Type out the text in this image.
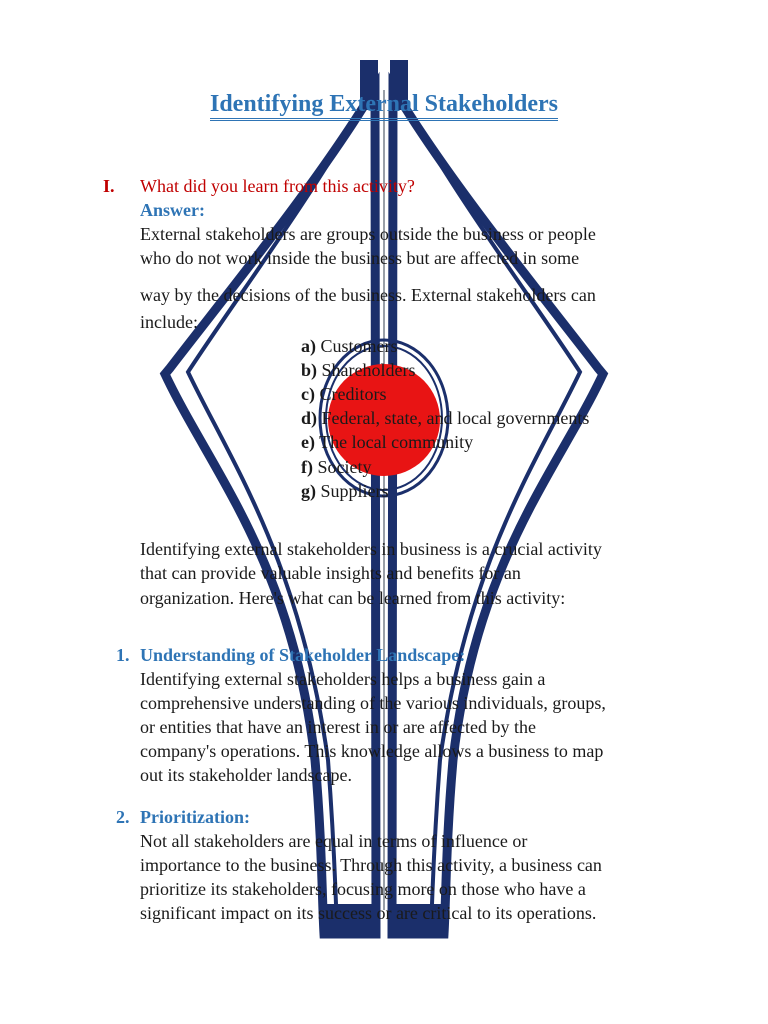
Identifying External Stakeholders
I. What did you learn from this activity?
Answer:
External stakeholders are groups outside the business or people
who do not work inside the business but are affected in some
way by the decisions of the business. External stakeholders can
include:
a) Customers
b) Shareholders
c) Creditors
d) Federal, state, and local governments
e) The local community
f) Society
g) Suppliers
Identifying external stakeholders in business is a crucial activity
that can provide valuable insights and benefits for an
organization. Here's what can be learned from this activity:
1. Understanding of Stakeholder Landscape:
Identifying external stakeholders helps a business gain a
comprehensive understanding of the various individuals, groups,
or entities that have an interest in or are affected by the
company's operations. This knowledge allows a business to map
out its stakeholder landscape.
2. Prioritization:
Not all stakeholders are equal in terms of influence or
importance to the business. Through this activity, a business can
prioritize its stakeholders, focusing more on those who have a
significant impact on its success or are critical to its operations.
